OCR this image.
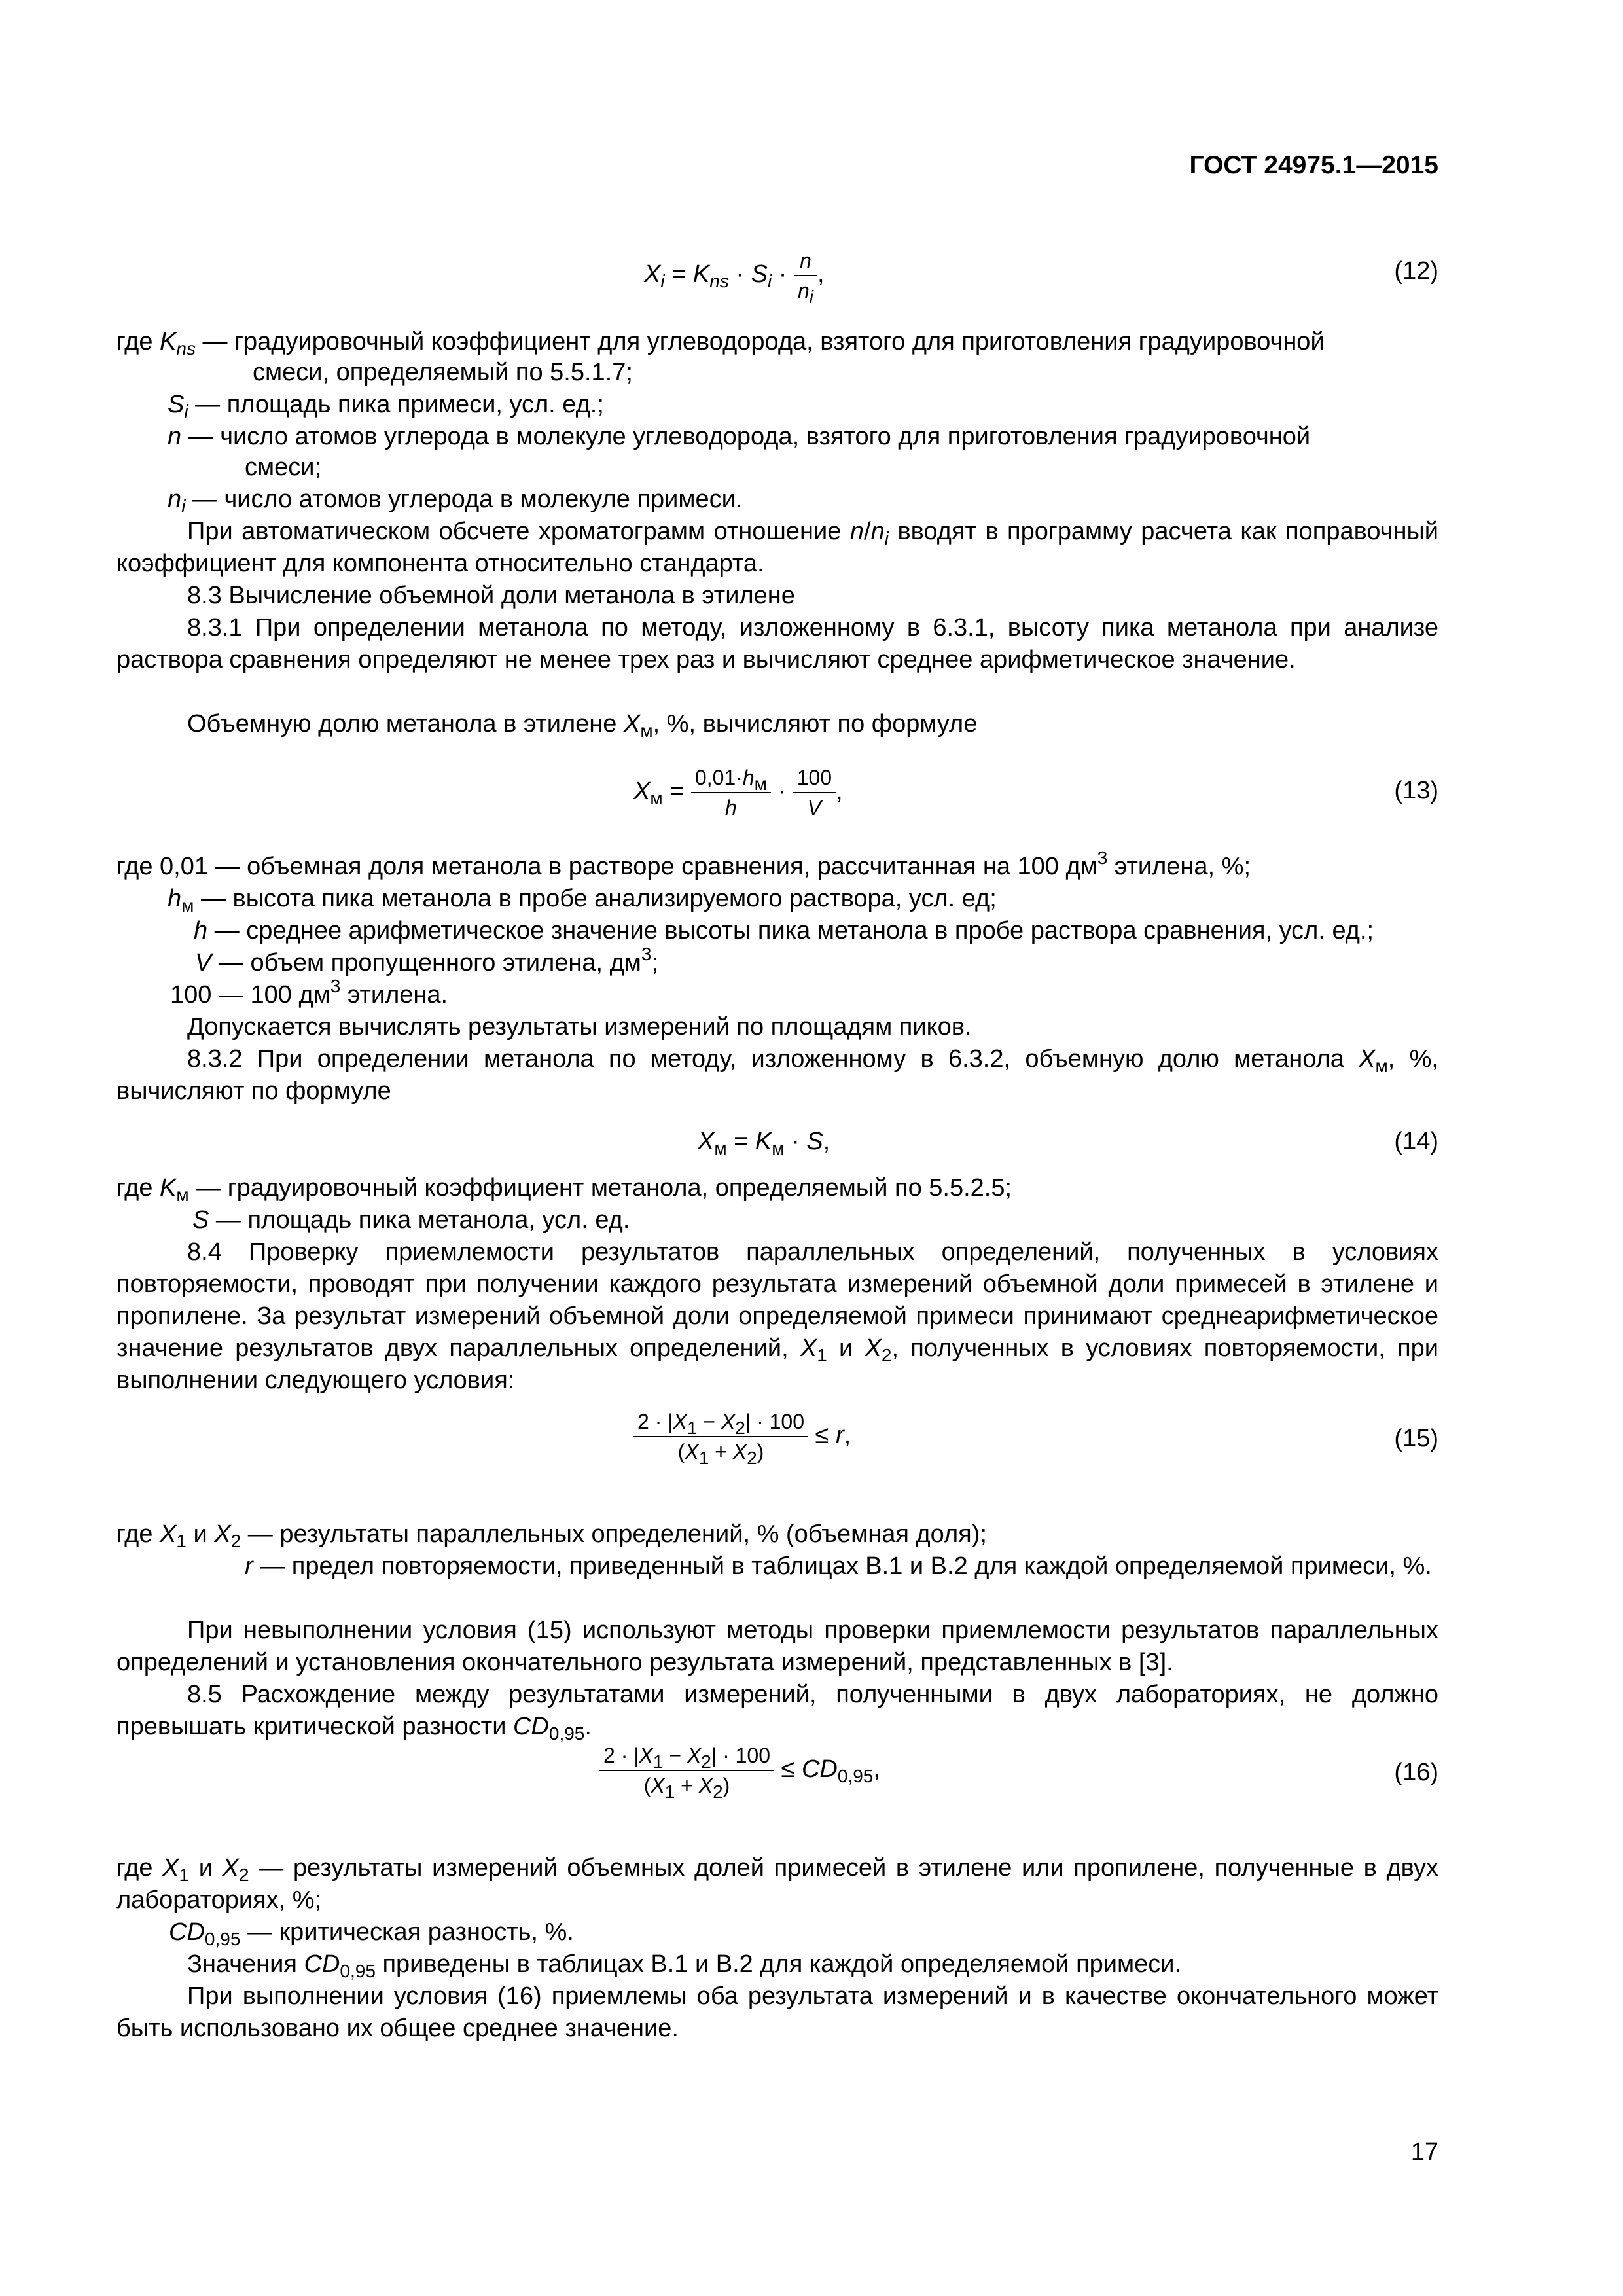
ГОСТ 24975.1—2015
$X_i = K_{ns} \cdot S_i \cdot \frac{n}{n_i}$ ,	(12)
где $K_{ns}$ — градуировочный коэффициент для углеводорода, взятого для приготовления градуировочной
смеси, определяемый по 5.5.1.7;
$S_i$ — площадь пика примеси, усл. ед.;
n — число атомов углерода в молекуле углеводорода, взятого для приготовления градуировочной
смеси;
$n_i$ — число атомов углерода в молекуле примеси.
При автоматическом обсчете хроматограмм отношение $n/n_i$ вводят в программу расчета как поправочный коэффициент для компонента относительно стандарта.
8.3 Вычисление объемной доли метанола в этилене
8.3.1 При определении метанола по методу, изложенному в 6.3.1, высоту пика метанола при анализе раствора сравнения определяют не менее трех раз и вычисляют среднее арифметическое значение.
Объемную долю метанола в этилене $X_м$, %, вычисляют по формуле
$X_м = \frac{0,01\cdot h_м}{h} \cdot \frac{100}{V}$ ,	(13)
где 0,01 — объемная доля метанола в растворе сравнения, рассчитанная на 100 $дм^3$ этилена, %;
$h_м$ — высота пика метанола в пробе анализируемого раствора, усл. ед;
h — среднее арифметическое значение высоты пика метанола в пробе раствора сравнения, усл. ед.;
V — объем пропущенного этилена, $дм^3$;
100 — 100 $дм^3$ этилена.
Допускается вычислять результаты измерений по площадям пиков.
8.3.2 При определении метанола по методу, изложенному в 6.3.2, объемную долю метанола $X_м$, %, вычисляют по формуле
$X_м = K_м \cdot S$,	(14)
где $K_м$ — градуировочный коэффициент метанола, определяемый по 5.5.2.5;
S — площадь пика метанола, усл. ед.
8.4 Проверку приемлемости результатов параллельных определений, полученных в условиях повторяемости, проводят при получении каждого результата измерений объемной доли примесей в этилене и пропилене. За результат измерений объемной доли определяемой примеси принимают среднеарифметическое значение результатов двух параллельных определений, $X_1$ и $X_2$, полученных в условиях повторяемости, при выполнении следующего условия:
$\frac{2 \cdot |X_1 - X_2| \cdot 100}{(X_1 + X_2)} \le r$,	(15)
где $X_1$ и $X_2$ — результаты параллельных определений, % (объемная доля);
r — предел повторяемости, приведенный в таблицах В.1 и В.2 для каждой определяемой примеси, %.
При невыполнении условия (15) используют методы проверки приемлемости результатов параллельных определений и установления окончательного результата измерений, представленных в [3].
8.5 Расхождение между результатами измерений, полученными в двух лабораториях, не должно превышать критической разности $CD_{0,95}$.
$\frac{2 \cdot |X_1 - X_2| \cdot 100}{(X_1 + X_2)} \le CD_{0,95}$,	(16)
где $X_1$ и $X_2$ — результаты измерений объемных долей примесей в этилене или пропилене, полученные в двух лабораториях, %;
$CD_{0,95}$ — критическая разность, %.
Значения $CD_{0,95}$ приведены в таблицах В.1 и В.2 для каждой определяемой примеси.
При выполнении условия (16) приемлемы оба результата измерений и в качестве окончательного может быть использовано их общее среднее значение.
17
